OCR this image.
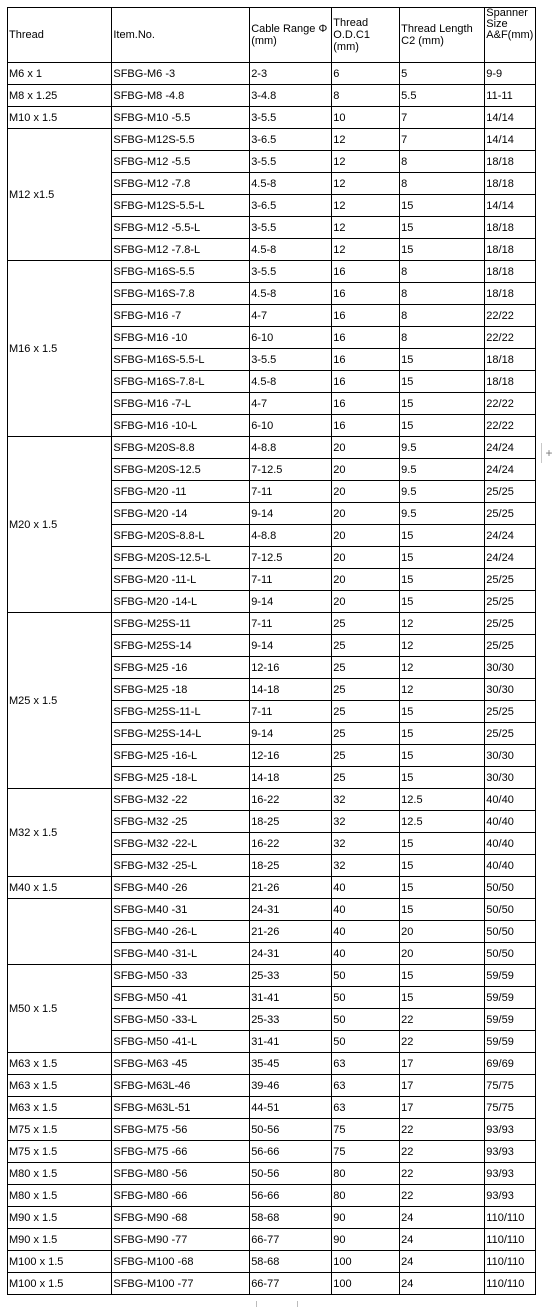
Thread	Item.No.	Cable Range Φ (mm)	Thread O.D.C1 (mm)	Thread Length C2 (mm)	Spanner Size A&F(mm)
M6 x 1	SFBG-M6 -3	2-3	6	5	9-9
M8 x 1.25	SFBG-M8 -4.8	3-4.8	8	5.5	11-11
M10 x 1.5	SFBG-M10 -5.5	3-5.5	10	7	14/14
M12 x1.5	SFBG-M12S-5.5	3-6.5	12	7	14/14
	SFBG-M12 -5.5	3-5.5	12	8	18/18
	SFBG-M12 -7.8	4.5-8	12	8	18/18
	SFBG-M12S-5.5-L	3-6.5	12	15	14/14
	SFBG-M12 -5.5-L	3-5.5	12	15	18/18
	SFBG-M12 -7.8-L	4.5-8	12	15	18/18
M16 x 1.5	SFBG-M16S-5.5	3-5.5	16	8	18/18
	SFBG-M16S-7.8	4.5-8	16	8	18/18
	SFBG-M16 -7	4-7	16	8	22/22
	SFBG-M16 -10	6-10	16	8	22/22
	SFBG-M16S-5.5-L	3-5.5	16	15	18/18
	SFBG-M16S-7.8-L	4.5-8	16	15	18/18
	SFBG-M16 -7-L	4-7	16	15	22/22
	SFBG-M16 -10-L	6-10	16	15	22/22
M20 x 1.5	SFBG-M20S-8.8	4-8.8	20	9.5	24/24
	SFBG-M20S-12.5	7-12.5	20	9.5	24/24
	SFBG-M20 -11	7-11	20	9.5	25/25
	SFBG-M20 -14	9-14	20	9.5	25/25
	SFBG-M20S-8.8-L	4-8.8	20	15	24/24
	SFBG-M20S-12.5-L	7-12.5	20	15	24/24
	SFBG-M20 -11-L	7-11	20	15	25/25
	SFBG-M20 -14-L	9-14	20	15	25/25
M25 x 1.5	SFBG-M25S-11	7-11	25	12	25/25
	SFBG-M25S-14	9-14	25	12	25/25
	SFBG-M25 -16	12-16	25	12	30/30
	SFBG-M25 -18	14-18	25	12	30/30
	SFBG-M25S-11-L	7-11	25	15	25/25
	SFBG-M25S-14-L	9-14	25	15	25/25
	SFBG-M25 -16-L	12-16	25	15	30/30
	SFBG-M25 -18-L	14-18	25	15	30/30
M32 x 1.5	SFBG-M32 -22	16-22	32	12.5	40/40
	SFBG-M32 -25	18-25	32	12.5	40/40
	SFBG-M32 -22-L	16-22	32	15	40/40
	SFBG-M32 -25-L	18-25	32	15	40/40
M40 x 1.5	SFBG-M40 -26	21-26	40	15	50/50
	SFBG-M40 -31	24-31	40	15	50/50
	SFBG-M40 -26-L	21-26	40	20	50/50
	SFBG-M40 -31-L	24-31	40	20	50/50
M50 x 1.5	SFBG-M50 -33	25-33	50	15	59/59
	SFBG-M50 -41	31-41	50	15	59/59
	SFBG-M50 -33-L	25-33	50	22	59/59
	SFBG-M50 -41-L	31-41	50	22	59/59
M63 x 1.5	SFBG-M63 -45	35-45	63	17	69/69
M63 x 1.5	SFBG-M63L-46	39-46	63	17	75/75
M63 x 1.5	SFBG-M63L-51	44-51	63	17	75/75
M75 x 1.5	SFBG-M75 -56	50-56	75	22	93/93
M75 x 1.5	SFBG-M75 -66	56-66	75	22	93/93
M80 x 1.5	SFBG-M80 -56	50-56	80	22	93/93
M80 x 1.5	SFBG-M80 -66	56-66	80	22	93/93
M90 x 1.5	SFBG-M90 -68	58-68	90	24	110/110
M90 x 1.5	SFBG-M90 -77	66-77	90	24	110/110
M100 x 1.5	SFBG-M100 -68	58-68	100	24	110/110
M100 x 1.5	SFBG-M100 -77	66-77	100	24	110/110
+
